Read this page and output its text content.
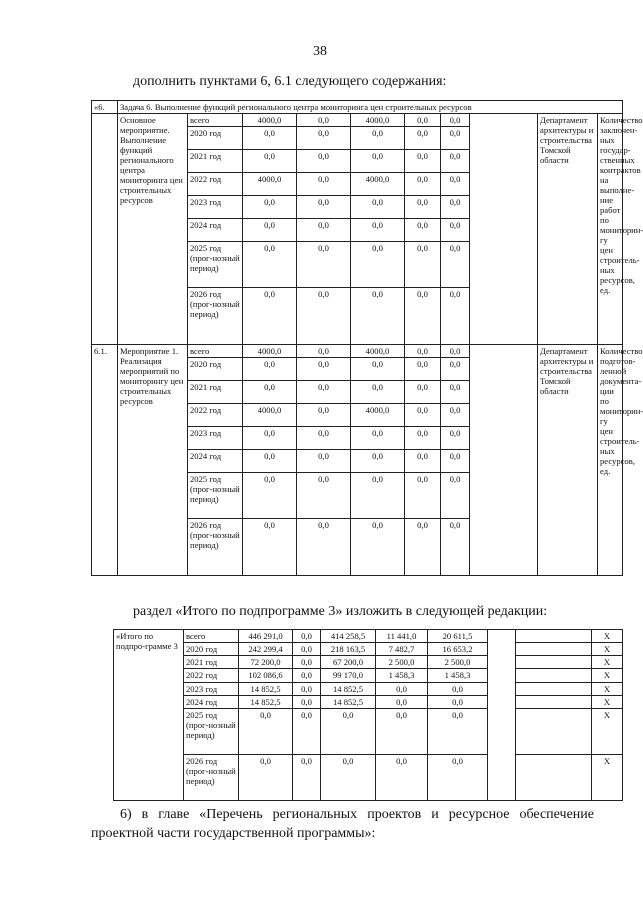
38
дополнить пунктами 6, 6.1 следующего содержания:
«6.	Задача 6. Выполнение функций регионального центра мониторинга цен строительных ресурсов										
	Основное мероприятие. Выполнение функций регионального центра мониторинга цен строительных ресурсов	всего	4000,0	0,0	4000,0	0,0	0,0		Департамент архитектуры и строительства Томской области	Количество заключен-ных государ-ственных контрактов на выполне-ние работ по мониторин-гу цен строитель-ных ресурсов, ед.	
		2020 год	0,0	0,0	0,0	0,0	0,0	
		2021 год	0,0	0,0	0,0	0,0	0,0	
		2022 год	4000,0	0,0	4000,0	0,0	0,0	
		2023 год	0,0	0,0	0,0	0,0	0,0	
		2024 год	0,0	0,0	0,0	0,0	0,0	
		2025 год (прог-нозный период)	0,0	0,0	0,0	0,0	0,0	
		2026 год (прог-нозный период)	0,0	0,0	0,0	0,0	0,0	
6.1.	Мероприятие 1. Реализация мероприятий по мониторингу цен строительных ресурсов	всего	4000,0	0,0	4000,0	0,0	0,0		Департамент архитектуры и строительства Томской области	Количество подготов-ленной документа-ции по мониторин-гу цен строитель-ных ресурсов, ед.	
		2020 год	0,0	0,0	0,0	0,0	0,0	
		2021 год	0,0	0,0	0,0	0,0	0,0	
		2022 год	4000,0	0,0	4000,0	0,0	0,0	
		2023 год	0,0	0,0	0,0	0,0	0,0	
		2024 год	0,0	0,0	0,0	0,0	0,0	
		2025 год (прог-нозный период)	0,0	0,0	0,0	0,0	0,0	
		2026 год (прог-нозный период)	0,0	0,0	0,0	0,0	0,0	
раздел «Итого по подпрограмме 3» изложить в следующей редакции:
«Итого по подпро-грамме 3	всего	446 291,0	0,0	414 258,5	11 441,0	20 611,5			Х	
	2020 год	242 299,4	0,0	218 163,5	7 482,7	16 653,2			Х	
	2021 год	72 200,0	0,0	67 200,0	2 500,0	2 500,0			Х	
	2022 год	102 086,6	0,0	99 170,0	1 458,3	1 458,3			Х	
	2023 год	14 852,5	0,0	14 852,5	0,0	0,0			Х	
	2024 год	14 852,5	0,0	14 852,5	0,0	0,0			Х	
	2025 год (прог-нозный период)	0,0	0,0	0,0	0,0	0,0			Х	
	2026 год (прог-нозный период)	0,0	0,0	0,0	0,0	0,0			Х	
6) в главе «Перечень региональных проектов и ресурсное обеспечение
проектной части государственной программы»:
